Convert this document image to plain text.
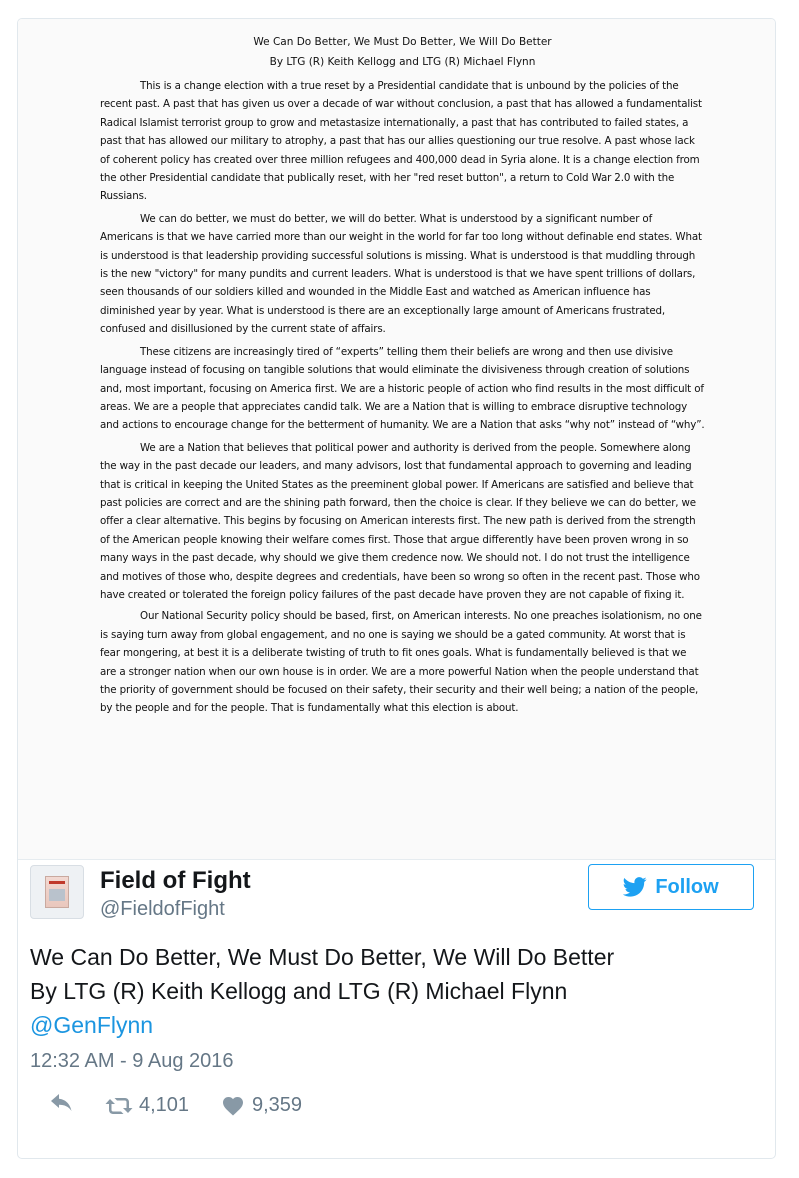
We Can Do Better, We Must Do Better, We Will Do Better
By LTG (R) Keith Kellogg and LTG (R) Michael Flynn

This is a change election with a true reset by a Presidential candidate that is unbound by the policies of the recent past. A past that has given us over a decade of war without conclusion, a past that has allowed a fundamentalist Radical Islamist terrorist group to grow and metastasize internationally, a past that has contributed to failed states, a past that has allowed our military to atrophy, a past that has our allies questioning our true resolve. A past whose lack of coherent policy has created over three million refugees and 400,000 dead in Syria alone. It is a change election from the other Presidential candidate that publically reset, with her "red reset button", a return to Cold War 2.0 with the Russians.

We can do better, we must do better, we will do better. What is understood by a significant number of Americans is that we have carried more than our weight in the world for far too long without definable end states. What is understood is that leadership providing successful solutions is missing. What is understood is that muddling through is the new "victory" for many pundits and current leaders. What is understood is that we have spent trillions of dollars, seen thousands of our soldiers killed and wounded in the Middle East and watched as American influence has diminished year by year. What is understood is there are an exceptionally large amount of Americans frustrated, confused and disillusioned by the current state of affairs.

These citizens are increasingly tired of “experts” telling them their beliefs are wrong and then use divisive language instead of focusing on tangible solutions that would eliminate the divisiveness through creation of solutions and, most important, focusing on America first. We are a historic people of action who find results in the most difficult of areas. We are a people that appreciates candid talk. We are a Nation that is willing to embrace disruptive technology and actions to encourage change for the betterment of humanity. We are a Nation that asks “why not” instead of “why”.

We are a Nation that believes that political power and authority is derived from the people. Somewhere along the way in the past decade our leaders, and many advisors, lost that fundamental approach to governing and leading that is critical in keeping the United States as the preeminent global power. If Americans are satisfied and believe that past policies are correct and are the shining path forward, then the choice is clear. If they believe we can do better, we offer a clear alternative. This begins by focusing on American interests first. The new path is derived from the strength of the American people knowing their welfare comes first. Those that argue differently have been proven wrong in so many ways in the past decade, why should we give them credence now. We should not. I do not trust the intelligence and motives of those who, despite degrees and credentials, have been so wrong so often in the recent past. Those who have created or tolerated the foreign policy failures of the past decade have proven they are not capable of fixing it.

Our National Security policy should be based, first, on American interests. No one preaches isolationism, no one is saying turn away from global engagement, and no one is saying we should be a gated community. At worst that is fear mongering, at best it is a deliberate twisting of truth to fit ones goals. What is fundamentally believed is that we are a stronger nation when our own house is in order. We are a more powerful Nation when the people understand that the priority of government should be focused on their safety, their security and their well being; a nation of the people, by the people and for the people. That is fundamentally what this election is about.

Field of Fight
@FieldofFight
Follow
We Can Do Better, We Must Do Better, We Will Do Better
By LTG (R) Keith Kellogg and LTG (R) Michael Flynn
@GenFlynn
12:32 AM - 9 Aug 2016
4,101	9,359
